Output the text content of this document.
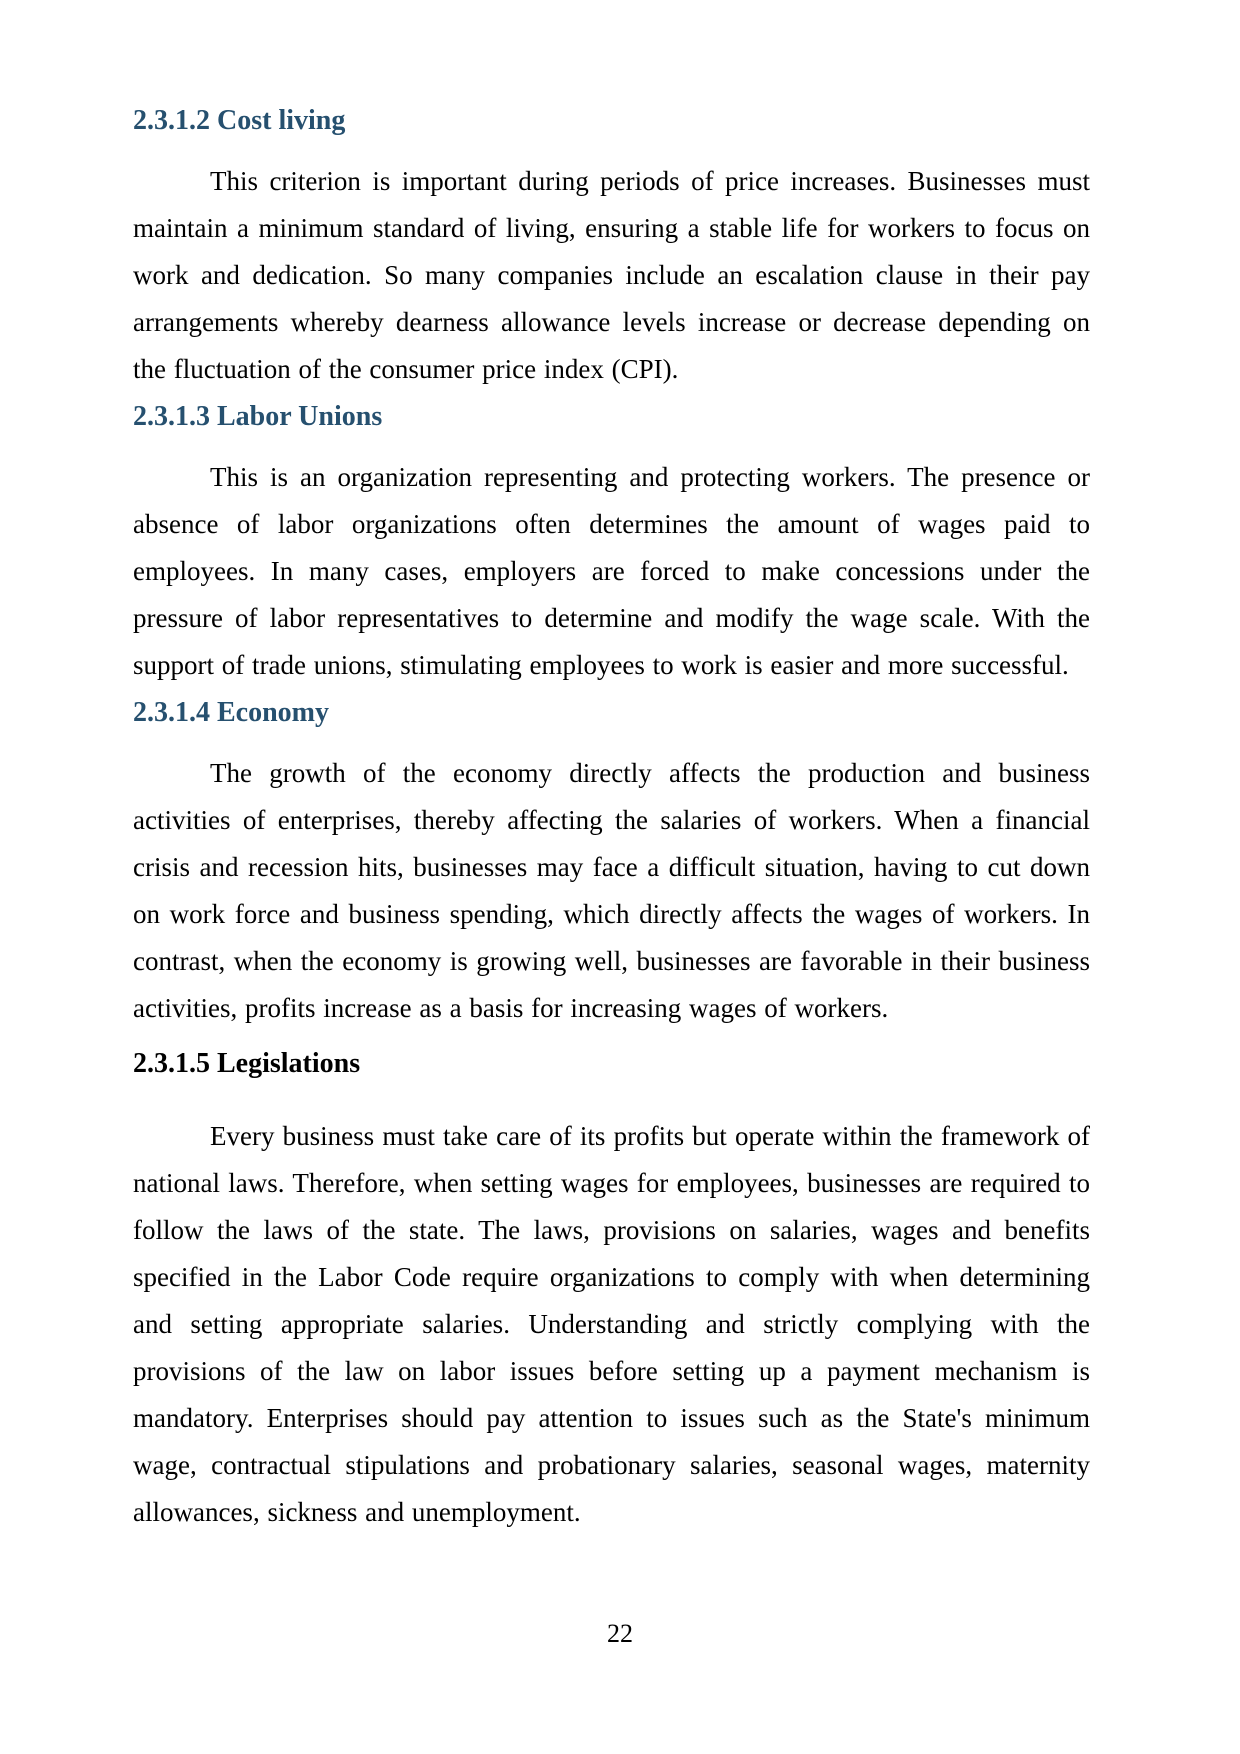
2.3.1.2 Cost living

This criterion is important during periods of price increases. Businesses must maintain a minimum standard of living, ensuring a stable life for workers to focus on work and dedication. So many companies include an escalation clause in their pay arrangements whereby dearness allowance levels increase or decrease depending on the fluctuation of the consumer price index (CPI).

2.3.1.3 Labor Unions

This is an organization representing and protecting workers. The presence or absence of labor organizations often determines the amount of wages paid to employees. In many cases, employers are forced to make concessions under the pressure of labor representatives to determine and modify the wage scale. With the support of trade unions, stimulating employees to work is easier and more successful.

2.3.1.4 Economy

The growth of the economy directly affects the production and business activities of enterprises, thereby affecting the salaries of workers. When a financial crisis and recession hits, businesses may face a difficult situation, having to cut down on work force and business spending, which directly affects the wages of workers. In contrast, when the economy is growing well, businesses are favorable in their business activities, profits increase as a basis for increasing wages of workers.

2.3.1.5 Legislations

Every business must take care of its profits but operate within the framework of national laws. Therefore, when setting wages for employees, businesses are required to follow the laws of the state. The laws, provisions on salaries, wages and benefits specified in the Labor Code require organizations to comply with when determining and setting appropriate salaries. Understanding and strictly complying with the provisions of the law on labor issues before setting up a payment mechanism is mandatory. Enterprises should pay attention to issues such as the State's minimum wage, contractual stipulations and probationary salaries, seasonal wages, maternity allowances, sickness and unemployment.

22
